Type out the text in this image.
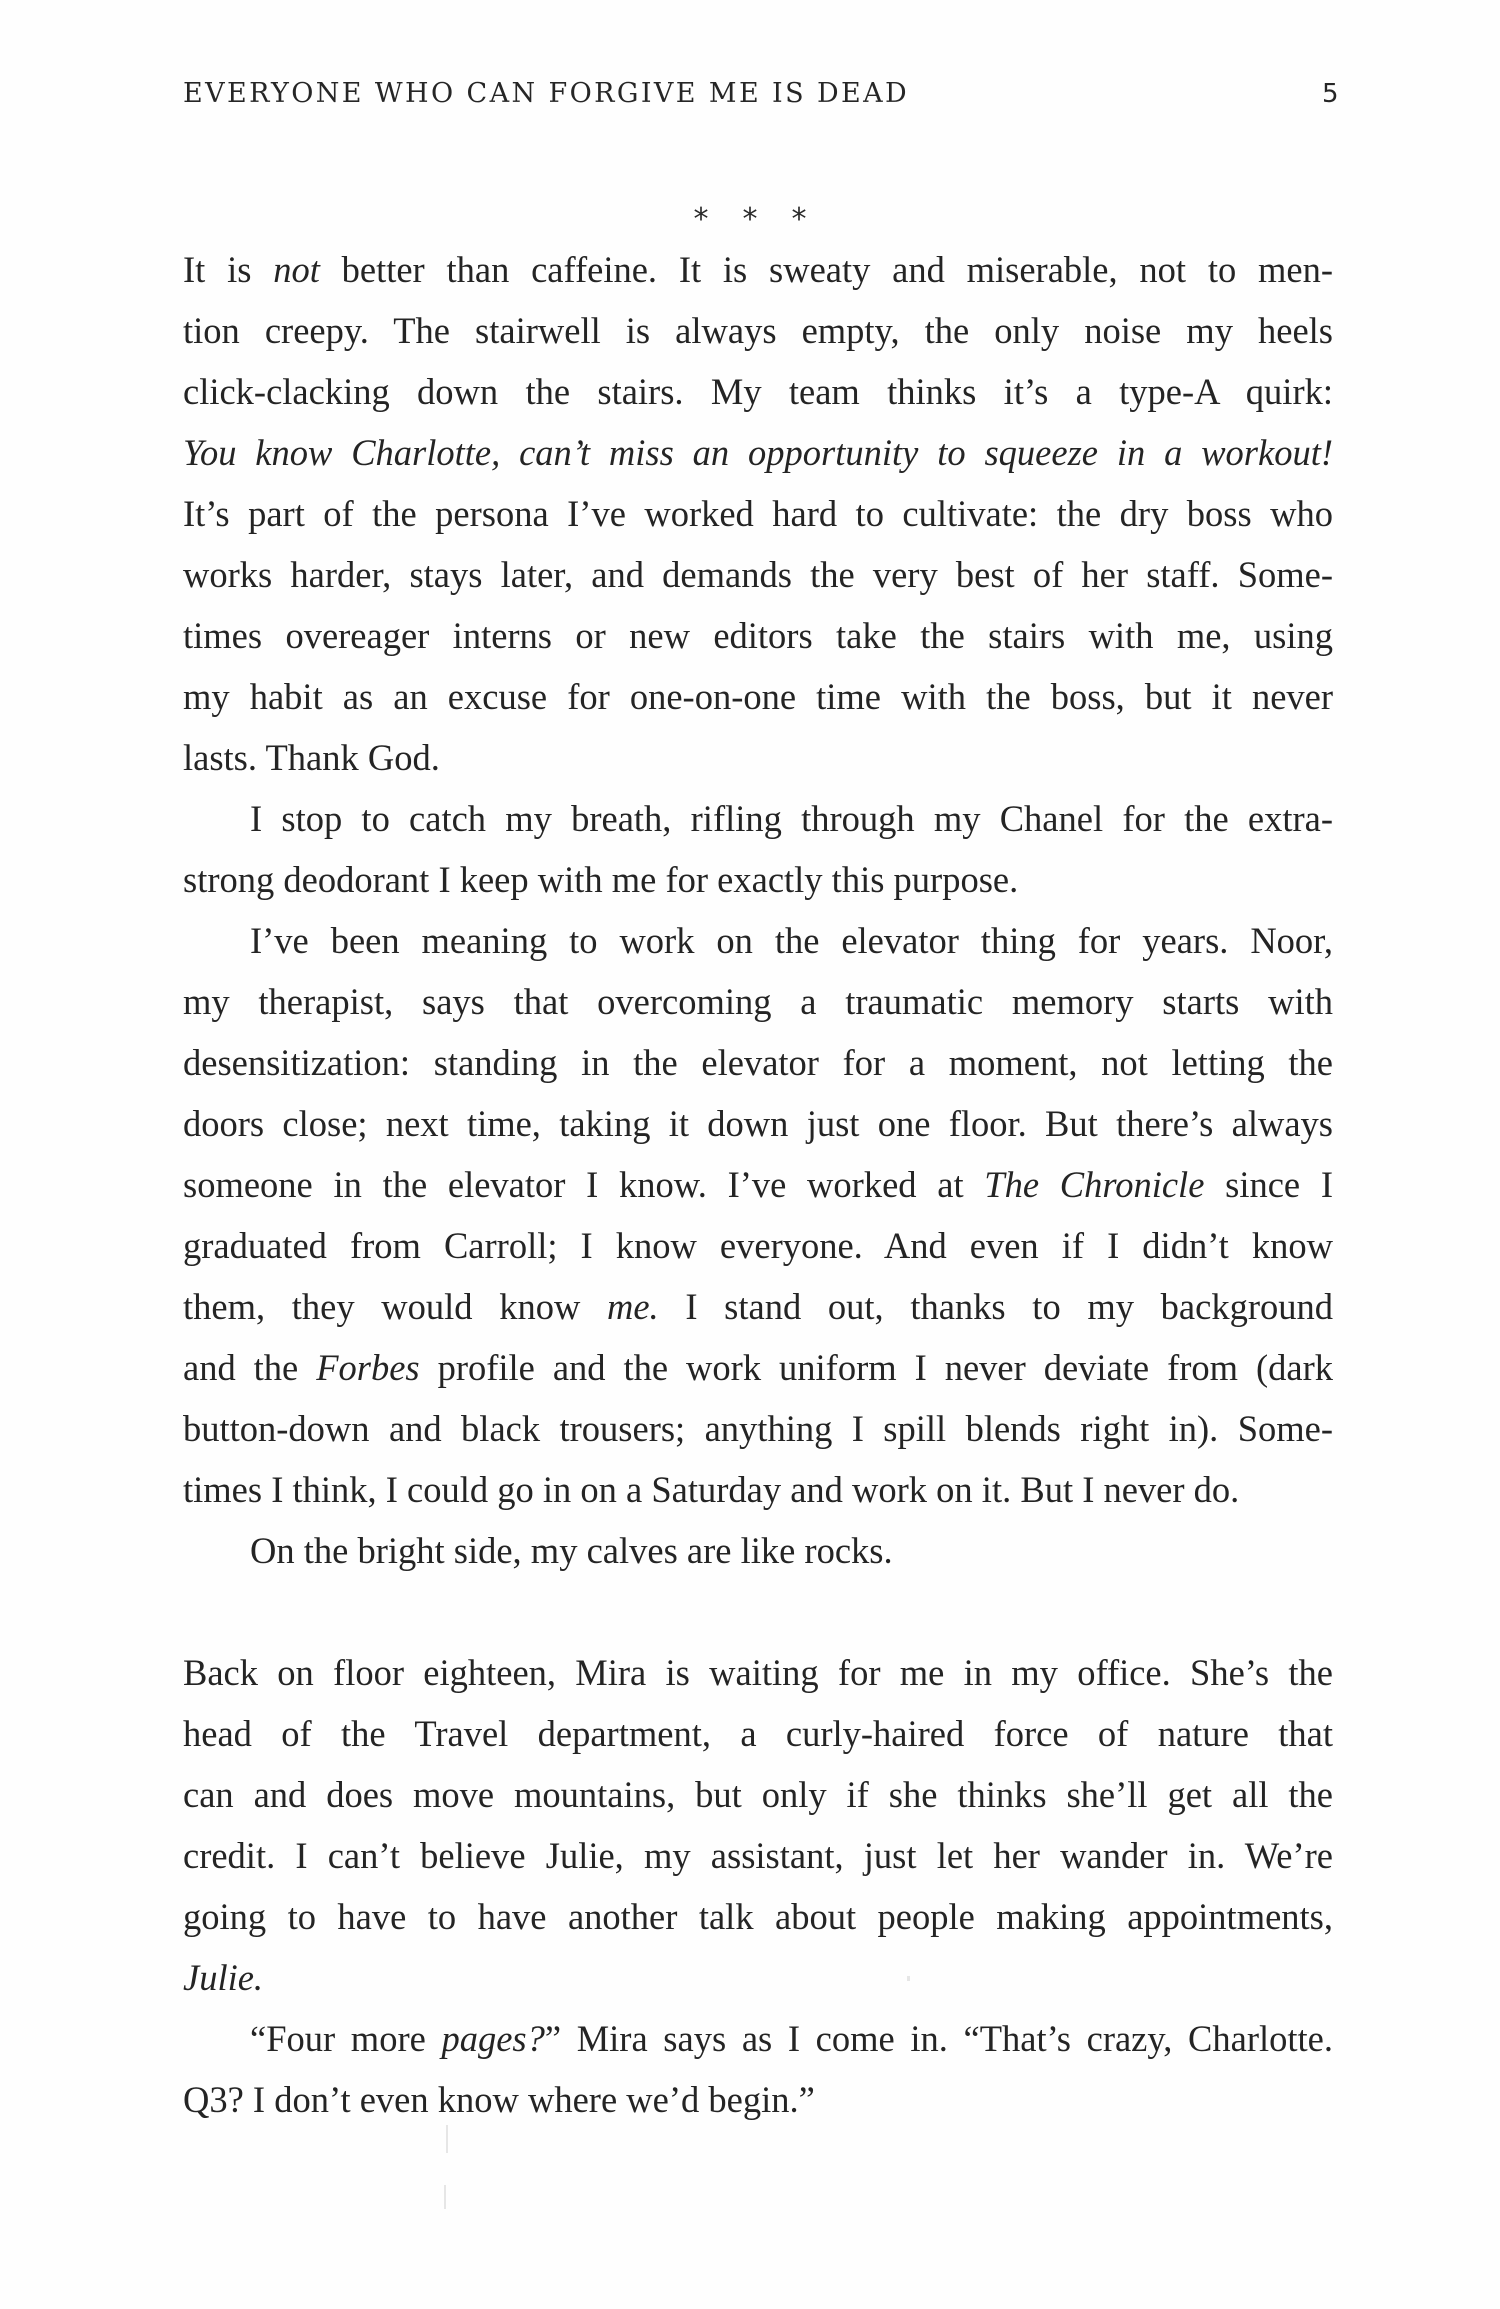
EVERYONE WHO CAN FORGIVE ME IS DEAD	5
* * *
It is not better than caffeine. It is sweaty and miserable, not to men-
tion creepy. The stairwell is always empty, the only noise my heels
click-clacking down the stairs. My team thinks it’s a type-A quirk:
You know Charlotte, can’t miss an opportunity to squeeze in a workout!
It’s part of the persona I’ve worked hard to cultivate: the dry boss who
works harder, stays later, and demands the very best of her staff. Some-
times overeager interns or new editors take the stairs with me, using
my habit as an excuse for one-on-one time with the boss, but it never
lasts. Thank God.
I stop to catch my breath, rifling through my Chanel for the extra-
strong deodorant I keep with me for exactly this purpose.
I’ve been meaning to work on the elevator thing for years. Noor,
my therapist, says that overcoming a traumatic memory starts with
desensitization: standing in the elevator for a moment, not letting the
doors close; next time, taking it down just one floor. But there’s always
someone in the elevator I know. I’ve worked at The Chronicle since I
graduated from Carroll; I know everyone. And even if I didn’t know
them, they would know me. I stand out, thanks to my background
and the Forbes profile and the work uniform I never deviate from (dark
button-down and black trousers; anything I spill blends right in). Some-
times I think, I could go in on a Saturday and work on it. But I never do.
On the bright side, my calves are like rocks.

Back on floor eighteen, Mira is waiting for me in my office. She’s the
head of the Travel department, a curly-haired force of nature that
can and does move mountains, but only if she thinks she’ll get all the
credit. I can’t believe Julie, my assistant, just let her wander in. We’re
going to have to have another talk about people making appointments,
Julie.
“Four more pages?” Mira says as I come in. “That’s crazy, Charlotte.
Q3? I don’t even know where we’d begin.”
